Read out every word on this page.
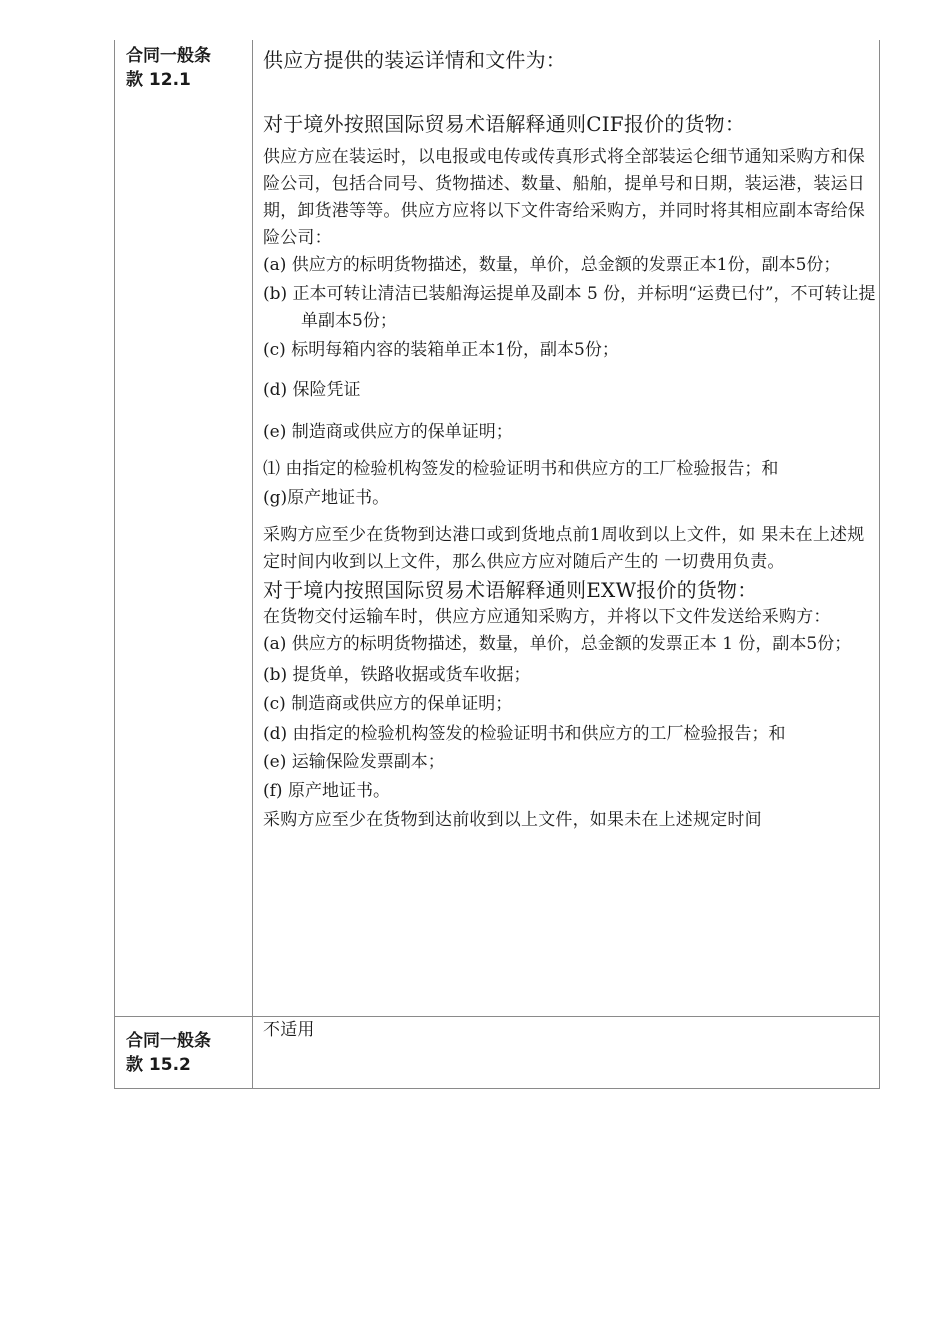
合同一般条
款 12.1

供应方提供的装运详情和文件为：

对于境外按照国际贸易术语解释通则CIF报价的货物：

供应方应在装运时，以电报或电传或传真形式将全部装运仑细节通知采购方和保险公司，包括合同号、货物描述、数量、船舶，提单号和日期，装运港，装运日期，卸货港等等。供应方应将以下文件寄给采购方，并同时将其相应副本寄给保险公司：

(a) 供应方的标明货物描述，数量，单价，总金额的发票正本1份，副本5份；

(b) 正本可转让清洁已装船海运提单及副本 5 份，并标明“运费已付”，不可转让提单副本5份；

(c) 标明每箱内容的装箱单正本1份，副本5份；

(d) 保险凭证

(e) 制造商或供应方的保单证明；

⑴ 由指定的检验机构签发的检验证明书和供应方的工厂检验报告；和

(g)原产地证书。

采购方应至少在货物到达港口或到货地点前1周收到以上文件，如 果未在上述规定时间内收到以上文件，那么供应方应对随后产生的 一切费用负责。

对于境内按照国际贸易术语解释通则EXW报价的货物：

在货物交付运输车时，供应方应通知采购方，并将以下文件发送给釆购方：

(a) 供应方的标明货物描述，数量，单价，总金额的发票正本 1 份，副本5份；

(b) 提货单，铁路收据或货车收据；

(c) 制造商或供应方的保单证明；

(d) 由指定的检验机构签发的检验证明书和供应方的工厂检验报告；和

(e) 运输保险发票副本；

(f) 原产地证书。

采购方应至少在货物到达前收到以上文件，如果未在上述规定时间

合同一般条
款 15.2

不适用
